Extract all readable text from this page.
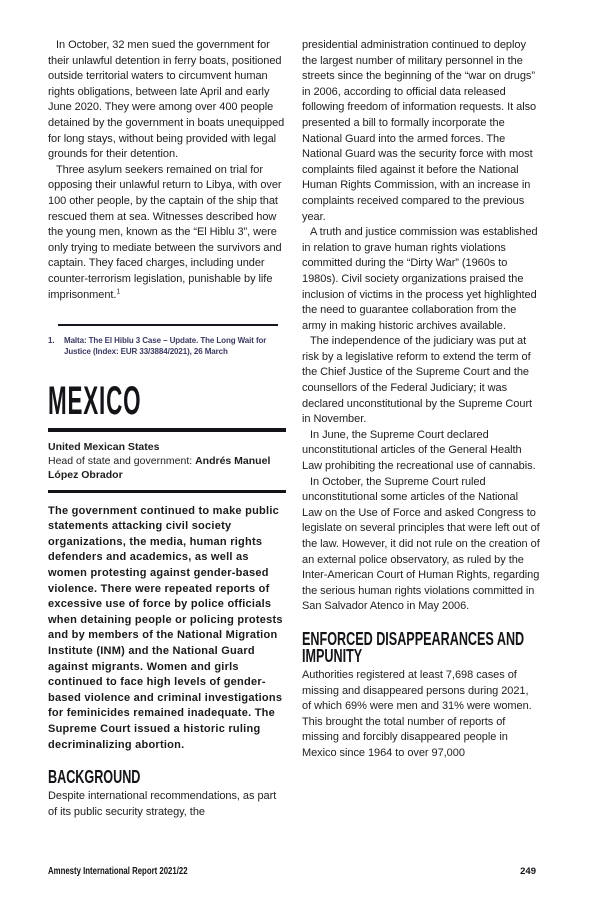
In October, 32 men sued the government for their unlawful detention in ferry boats, positioned outside territorial waters to circumvent human rights obligations, between late April and early June 2020. They were among over 400 people detained by the government in boats unequipped for long stays, without being provided with legal grounds for their detention.

Three asylum seekers remained on trial for opposing their unlawful return to Libya, with over 100 other people, by the captain of the ship that rescued them at sea. Witnesses described how the young men, known as the “El Hiblu 3”, were only trying to mediate between the survivors and captain. They faced charges, including under counter-terrorism legislation, punishable by life imprisonment.$^1$

1.	Malta: The El Hiblu 3 Case – Update. The Long Wait for Justice (Index: EUR 33/3884/2021), 26 March
MEXICO
United Mexican States
Head of state and government: Andrés Manuel López Obrador

The government continued to make public statements attacking civil society organizations, the media, human rights defenders and academics, as well as women protesting against gender-based violence. There were repeated reports of excessive use of force by police officials when detaining people or policing protests and by members of the National Migration Institute (INM) and the National Guard against migrants. Women and girls continued to face high levels of gender-based violence and criminal investigations for feminicides remained inadequate. The Supreme Court issued a historic ruling decriminalizing abortion.

BACKGROUND

Despite international recommendations, as part of its public security strategy, the

presidential administration continued to deploy the largest number of military personnel in the streets since the beginning of the “war on drugs” in 2006, according to official data released following freedom of information requests. It also presented a bill to formally incorporate the National Guard into the armed forces. The National Guard was the security force with most complaints filed against it before the National Human Rights Commission, with an increase in complaints received compared to the previous year.

A truth and justice commission was established in relation to grave human rights violations committed during the “Dirty War” (1960s to 1980s). Civil society organizations praised the inclusion of victims in the process yet highlighted the need to guarantee collaboration from the army in making historic archives available.

The independence of the judiciary was put at risk by a legislative reform to extend the term of the Chief Justice of the Supreme Court and the counsellors of the Federal Judiciary; it was declared unconstitutional by the Supreme Court in November.

In June, the Supreme Court declared unconstitutional articles of the General Health Law prohibiting the recreational use of cannabis.

In October, the Supreme Court ruled unconstitutional some articles of the National Law on the Use of Force and asked Congress to legislate on several principles that were left out of the law. However, it did not rule on the creation of an external police observatory, as ruled by the Inter-American Court of Human Rights, regarding the serious human rights violations committed in San Salvador Atenco in May 2006.

ENFORCED DISAPPEARANCES AND
IMPUNITY

Authorities registered at least 7,698 cases of missing and disappeared persons during 2021, of which 69% were men and 31% were women. This brought the total number of reports of missing and forcibly disappeared people in Mexico since 1964 to over 97,000

Amnesty International Report 2021/22	249
